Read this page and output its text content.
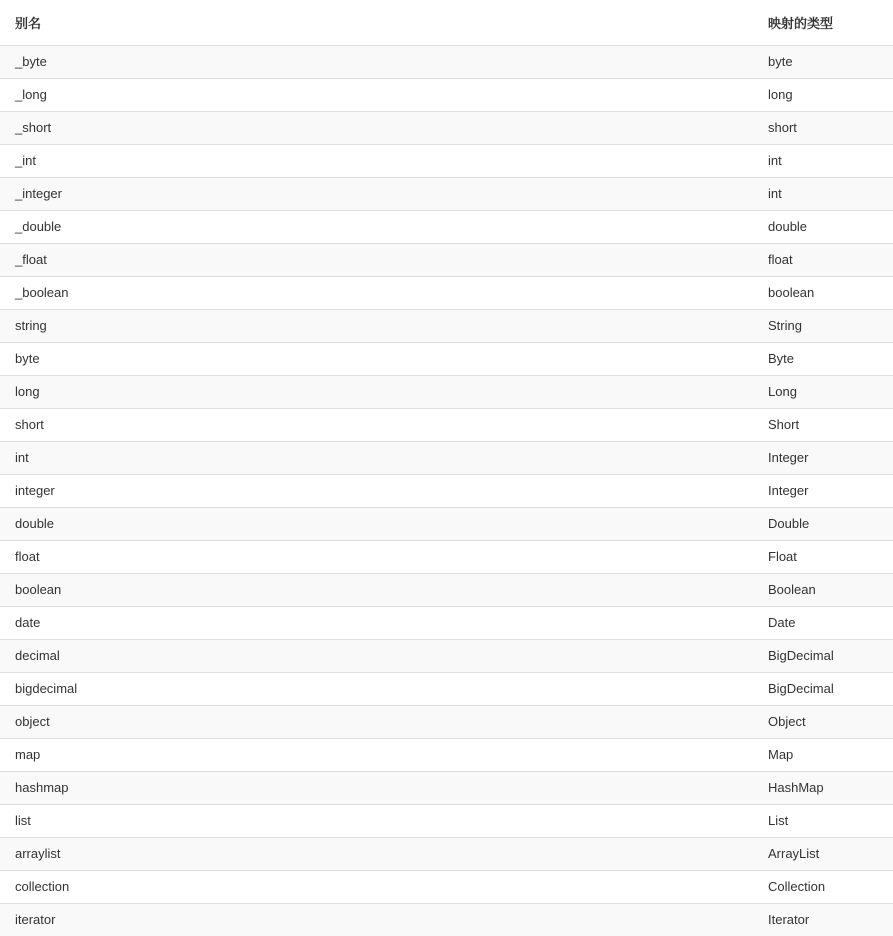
别名	映射的类型
_byte	byte
_long	long
_short	short
_int	int
_integer	int
_double	double
_float	float
_boolean	boolean
string	String
byte	Byte
long	Long
short	Short
int	Integer
integer	Integer
double	Double
float	Float
boolean	Boolean
date	Date
decimal	BigDecimal
bigdecimal	BigDecimal
object	Object
map	Map
hashmap	HashMap
list	List
arraylist	ArrayList
collection	Collection
iterator	Iterator
